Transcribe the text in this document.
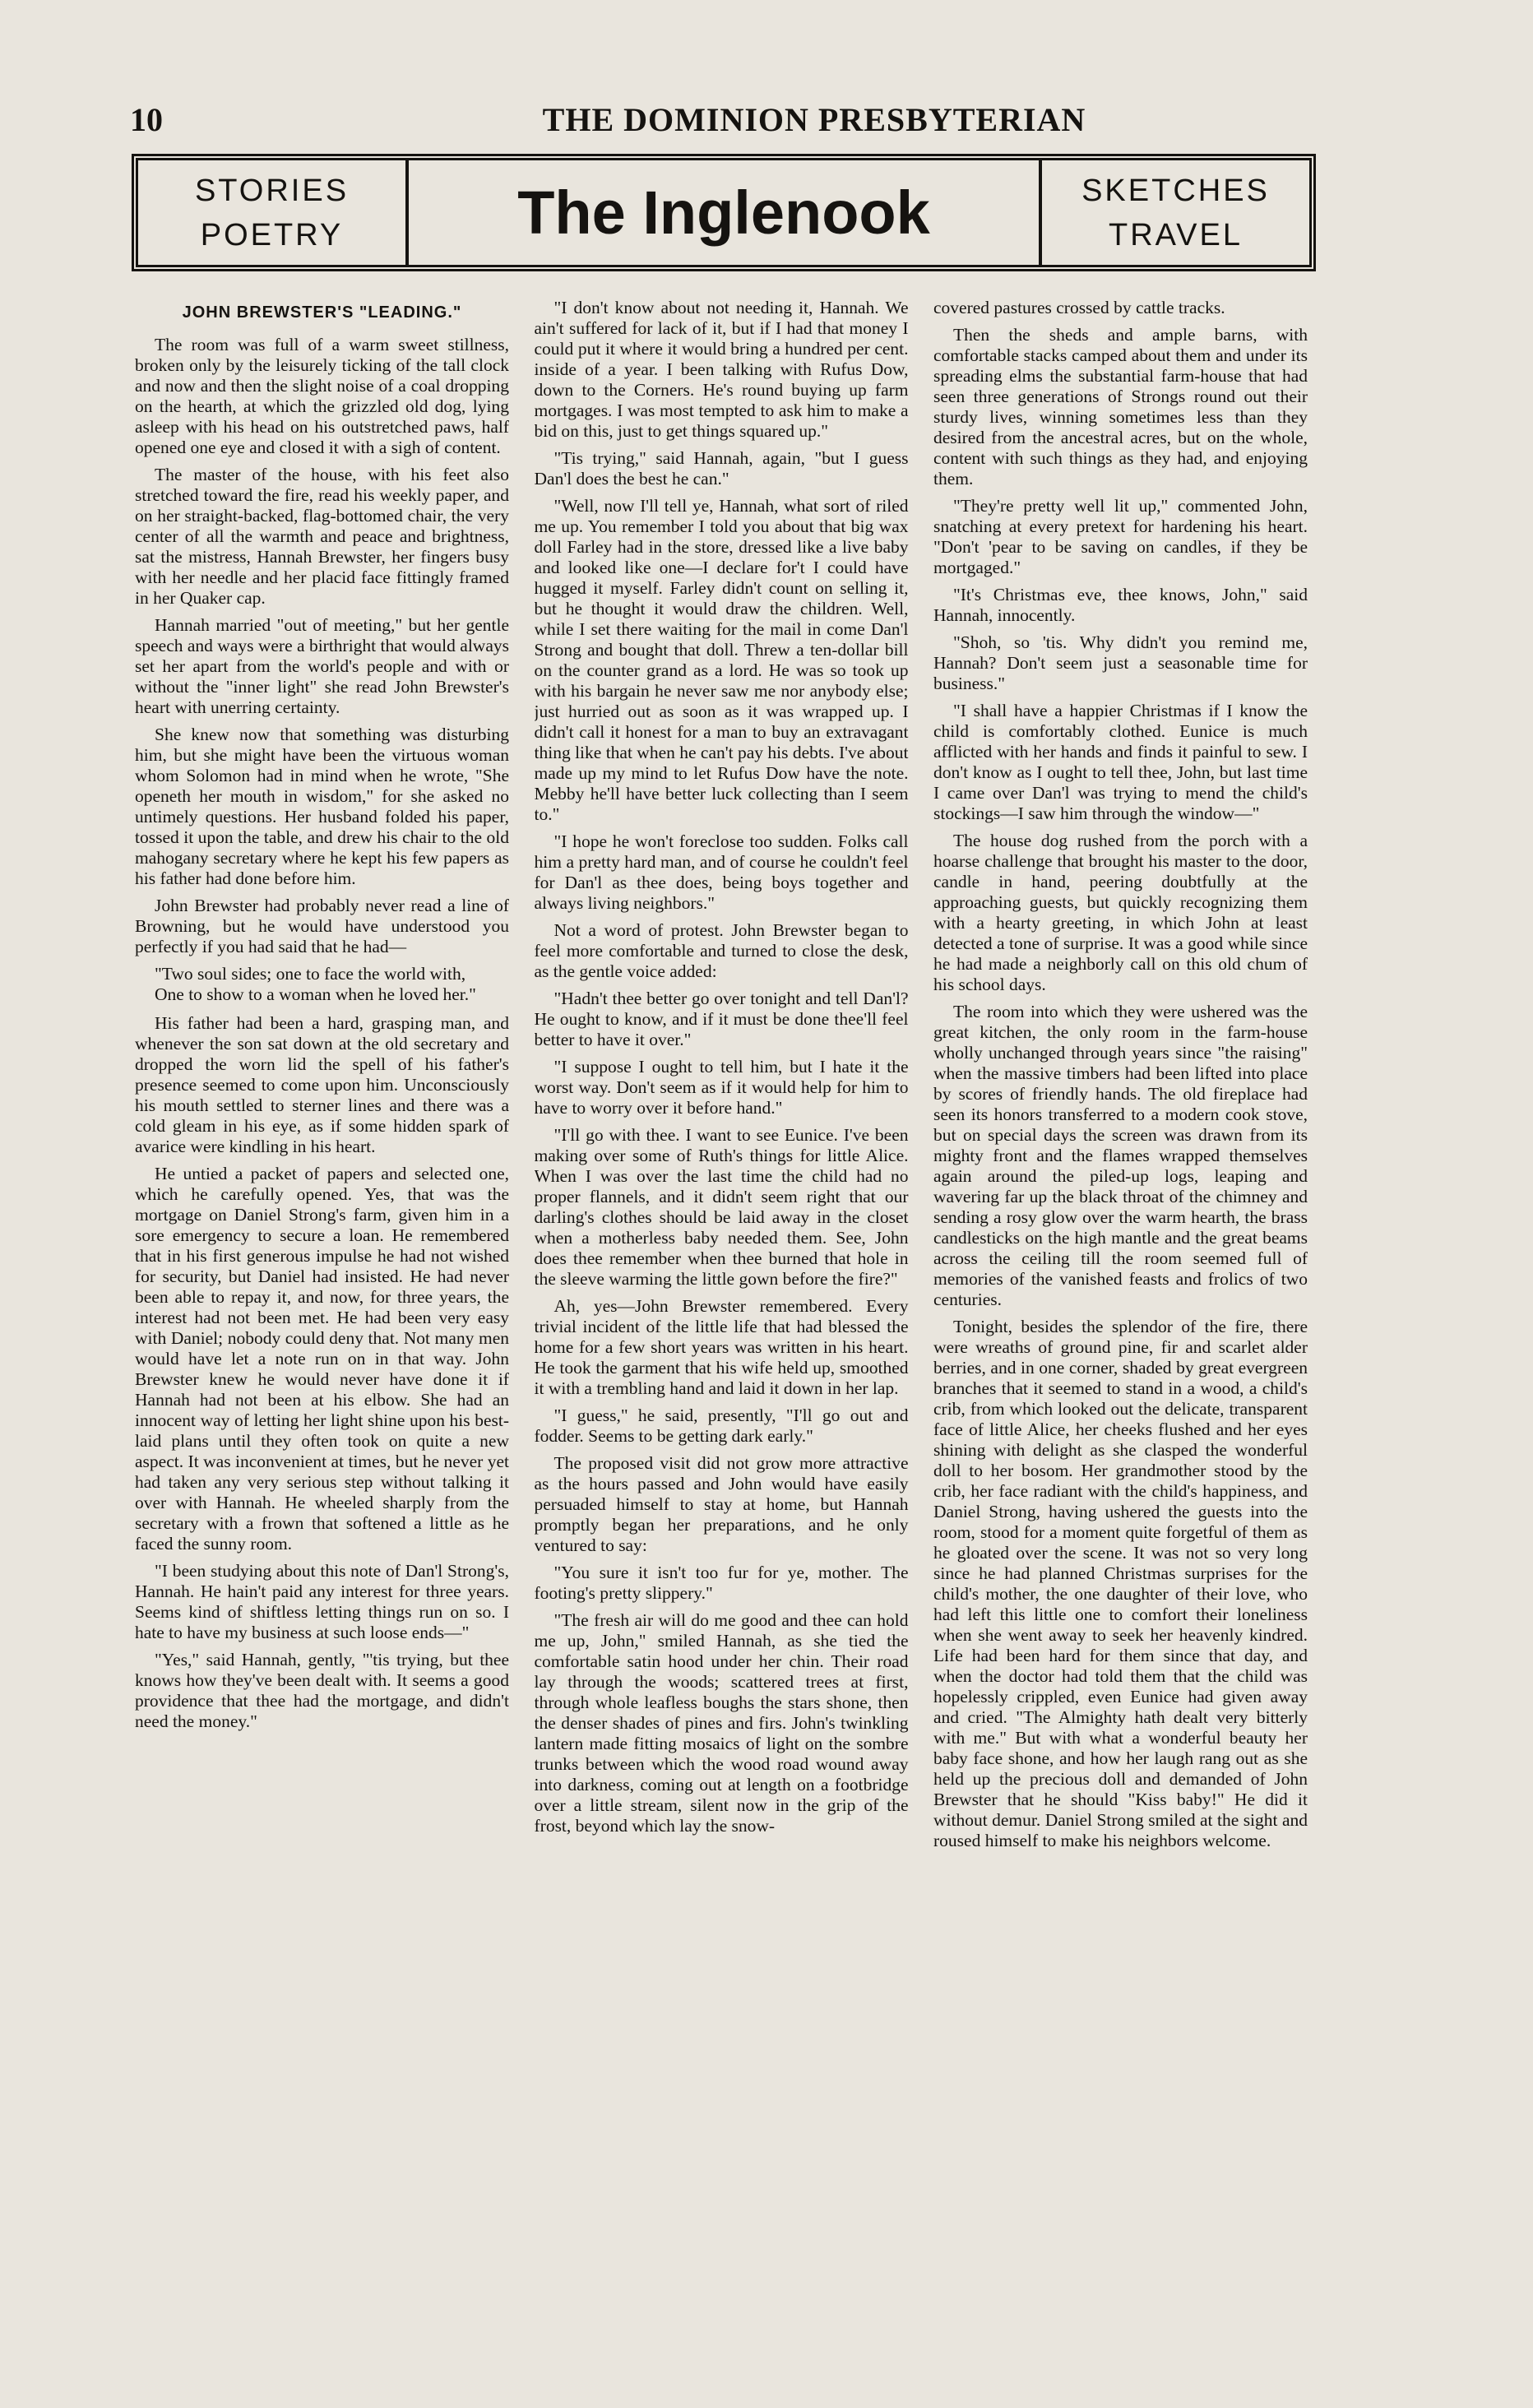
10	THE DOMINION PRESBYTERIAN
STORIES
POETRY	The Inglenook	SKETCHES
TRAVEL
JOHN BREWSTER'S "LEADING."

The room was full of a warm sweet stillness, broken only by the leisurely ticking of the tall clock and now and then the slight noise of a coal dropping on the hearth, at which the grizzled old dog, lying asleep with his head on his outstretched paws, half opened one eye and closed it with a sigh of content.

The master of the house, with his feet also stretched toward the fire, read his weekly paper, and on her straight-backed, flag-bottomed chair, the very center of all the warmth and peace and brightness, sat the mistress, Hannah Brewster, her fingers busy with her needle and her placid face fittingly framed in her Quaker cap.

Hannah married "out of meeting," but her gentle speech and ways were a birthright that would always set her apart from the world's people and with or without the "inner light" she read John Brewster's heart with unerring certainty.

She knew now that something was disturbing him, but she might have been the virtuous woman whom Solomon had in mind when he wrote, "She openeth her mouth in wisdom," for she asked no untimely questions. Her husband folded his paper, tossed it upon the table, and drew his chair to the old mahogany secretary where he kept his few papers as his father had done before him.

John Brewster had probably never read a line of Browning, but he would have understood you perfectly if you had said that he had—

"Two soul sides; one to face the world with,
One to show to a woman when he loved her."

His father had been a hard, grasping man, and whenever the son sat down at the old secretary and dropped the worn lid the spell of his father's presence seemed to come upon him. Unconsciously his mouth settled to sterner lines and there was a cold gleam in his eye, as if some hidden spark of avarice were kindling in his heart.

He untied a packet of papers and selected one, which he carefully opened. Yes, that was the mortgage on Daniel Strong's farm, given him in a sore emergency to secure a loan. He remembered that in his first generous impulse he had not wished for security, but Daniel had insisted. He had never been able to repay it, and now, for three years, the interest had not been met. He had been very easy with Daniel; nobody could deny that. Not many men would have let a note run on in that way. John Brewster knew he would never have done it if Hannah had not been at his elbow. She had an innocent way of letting her light shine upon his best-laid plans until they often took on quite a new aspect. It was inconvenient at times, but he never yet had taken any very serious step without talking it over with Hannah. He wheeled sharply from the secretary with a frown that softened a little as he faced the sunny room.

"I been studying about this note of Dan'l Strong's, Hannah. He hain't paid any interest for three years. Seems kind of shiftless letting things run on so. I hate to have my business at such loose ends—"

"Yes," said Hannah, gently, "'tis trying, but thee knows how they've been dealt with. It seems a good providence that thee had the mortgage, and didn't need the money."

"I don't know about not needing it, Hannah. We ain't suffered for lack of it, but if I had that money I could put it where it would bring a hundred per cent. inside of a year. I been talking with Rufus Dow, down to the Corners. He's round buying up farm mortgages. I was most tempted to ask him to make a bid on this, just to get things squared up."

"Tis trying," said Hannah, again, "but I guess Dan'l does the best he can."

"Well, now I'll tell ye, Hannah, what sort of riled me up. You remember I told you about that big wax doll Farley had in the store, dressed like a live baby and looked like one—I declare for't I could have hugged it myself. Farley didn't count on selling it, but he thought it would draw the children. Well, while I set there waiting for the mail in come Dan'l Strong and bought that doll. Threw a ten-dollar bill on the counter grand as a lord. He was so took up with his bargain he never saw me nor anybody else; just hurried out as soon as it was wrapped up. I didn't call it honest for a man to buy an extravagant thing like that when he can't pay his debts. I've about made up my mind to let Rufus Dow have the note. Mebby he'll have better luck collecting than I seem to."

"I hope he won't foreclose too sudden. Folks call him a pretty hard man, and of course he couldn't feel for Dan'l as thee does, being boys together and always living neighbors."

Not a word of protest. John Brewster began to feel more comfortable and turned to close the desk, as the gentle voice added:

"Hadn't thee better go over tonight and tell Dan'l? He ought to know, and if it must be done thee'll feel better to have it over."

"I suppose I ought to tell him, but I hate it the worst way. Don't seem as if it would help for him to have to worry over it before hand."

"I'll go with thee. I want to see Eunice. I've been making over some of Ruth's things for little Alice. When I was over the last time the child had no proper flannels, and it didn't seem right that our darling's clothes should be laid away in the closet when a motherless baby needed them. See, John does thee remember when thee burned that hole in the sleeve warming the little gown before the fire?"

Ah, yes—John Brewster remembered. Every trivial incident of the little life that had blessed the home for a few short years was written in his heart. He took the garment that his wife held up, smoothed it with a trembling hand and laid it down in her lap.

"I guess," he said, presently, "I'll go out and fodder. Seems to be getting dark early."

The proposed visit did not grow more attractive as the hours passed and John would have easily persuaded himself to stay at home, but Hannah promptly began her preparations, and he only ventured to say:

"You sure it isn't too fur for ye, mother. The footing's pretty slippery."

"The fresh air will do me good and thee can hold me up, John," smiled Hannah, as she tied the comfortable satin hood under her chin. Their road lay through the woods; scattered trees at first, through whole leafless boughs the stars shone, then the denser shades of pines and firs. John's twinkling lantern made fitting mosaics of light on the sombre trunks between which the wood road wound away into darkness, coming out at length on a footbridge over a little stream, silent now in the grip of the frost, beyond which lay the snow-

covered pastures crossed by cattle tracks.

Then the sheds and ample barns, with comfortable stacks camped about them and under its spreading elms the substantial farm-house that had seen three generations of Strongs round out their sturdy lives, winning sometimes less than they desired from the ancestral acres, but on the whole, content with such things as they had, and enjoying them.

"They're pretty well lit up," commented John, snatching at every pretext for hardening his heart. "Don't 'pear to be saving on candles, if they be mortgaged."

"It's Christmas eve, thee knows, John," said Hannah, innocently.

"Shoh, so 'tis. Why didn't you remind me, Hannah? Don't seem just a seasonable time for business."

"I shall have a happier Christmas if I know the child is comfortably clothed. Eunice is much afflicted with her hands and finds it painful to sew. I don't know as I ought to tell thee, John, but last time I came over Dan'l was trying to mend the child's stockings—I saw him through the window—"

The house dog rushed from the porch with a hoarse challenge that brought his master to the door, candle in hand, peering doubtfully at the approaching guests, but quickly recognizing them with a hearty greeting, in which John at least detected a tone of surprise. It was a good while since he had made a neighborly call on this old chum of his school days.

The room into which they were ushered was the great kitchen, the only room in the farm-house wholly unchanged through years since "the raising" when the massive timbers had been lifted into place by scores of friendly hands. The old fireplace had seen its honors transferred to a modern cook stove, but on special days the screen was drawn from its mighty front and the flames wrapped themselves again around the piled-up logs, leaping and wavering far up the black throat of the chimney and sending a rosy glow over the warm hearth, the brass candlesticks on the high mantle and the great beams across the ceiling till the room seemed full of memories of the vanished feasts and frolics of two centuries.

Tonight, besides the splendor of the fire, there were wreaths of ground pine, fir and scarlet alder berries, and in one corner, shaded by great evergreen branches that it seemed to stand in a wood, a child's crib, from which looked out the delicate, transparent face of little Alice, her cheeks flushed and her eyes shining with delight as she clasped the wonderful doll to her bosom. Her grandmother stood by the crib, her face radiant with the child's happiness, and Daniel Strong, having ushered the guests into the room, stood for a moment quite forgetful of them as he gloated over the scene. It was not so very long since he had planned Christmas surprises for the child's mother, the one daughter of their love, who had left this little one to comfort their loneliness when she went away to seek her heavenly kindred. Life had been hard for them since that day, and when the doctor had told them that the child was hopelessly crippled, even Eunice had given away and cried. "The Almighty hath dealt very bitterly with me." But with what a wonderful beauty her baby face shone, and how her laugh rang out as she held up the precious doll and demanded of John Brewster that he should "Kiss baby!" He did it without demur. Daniel Strong smiled at the sight and roused himself to make his neighbors welcome.
